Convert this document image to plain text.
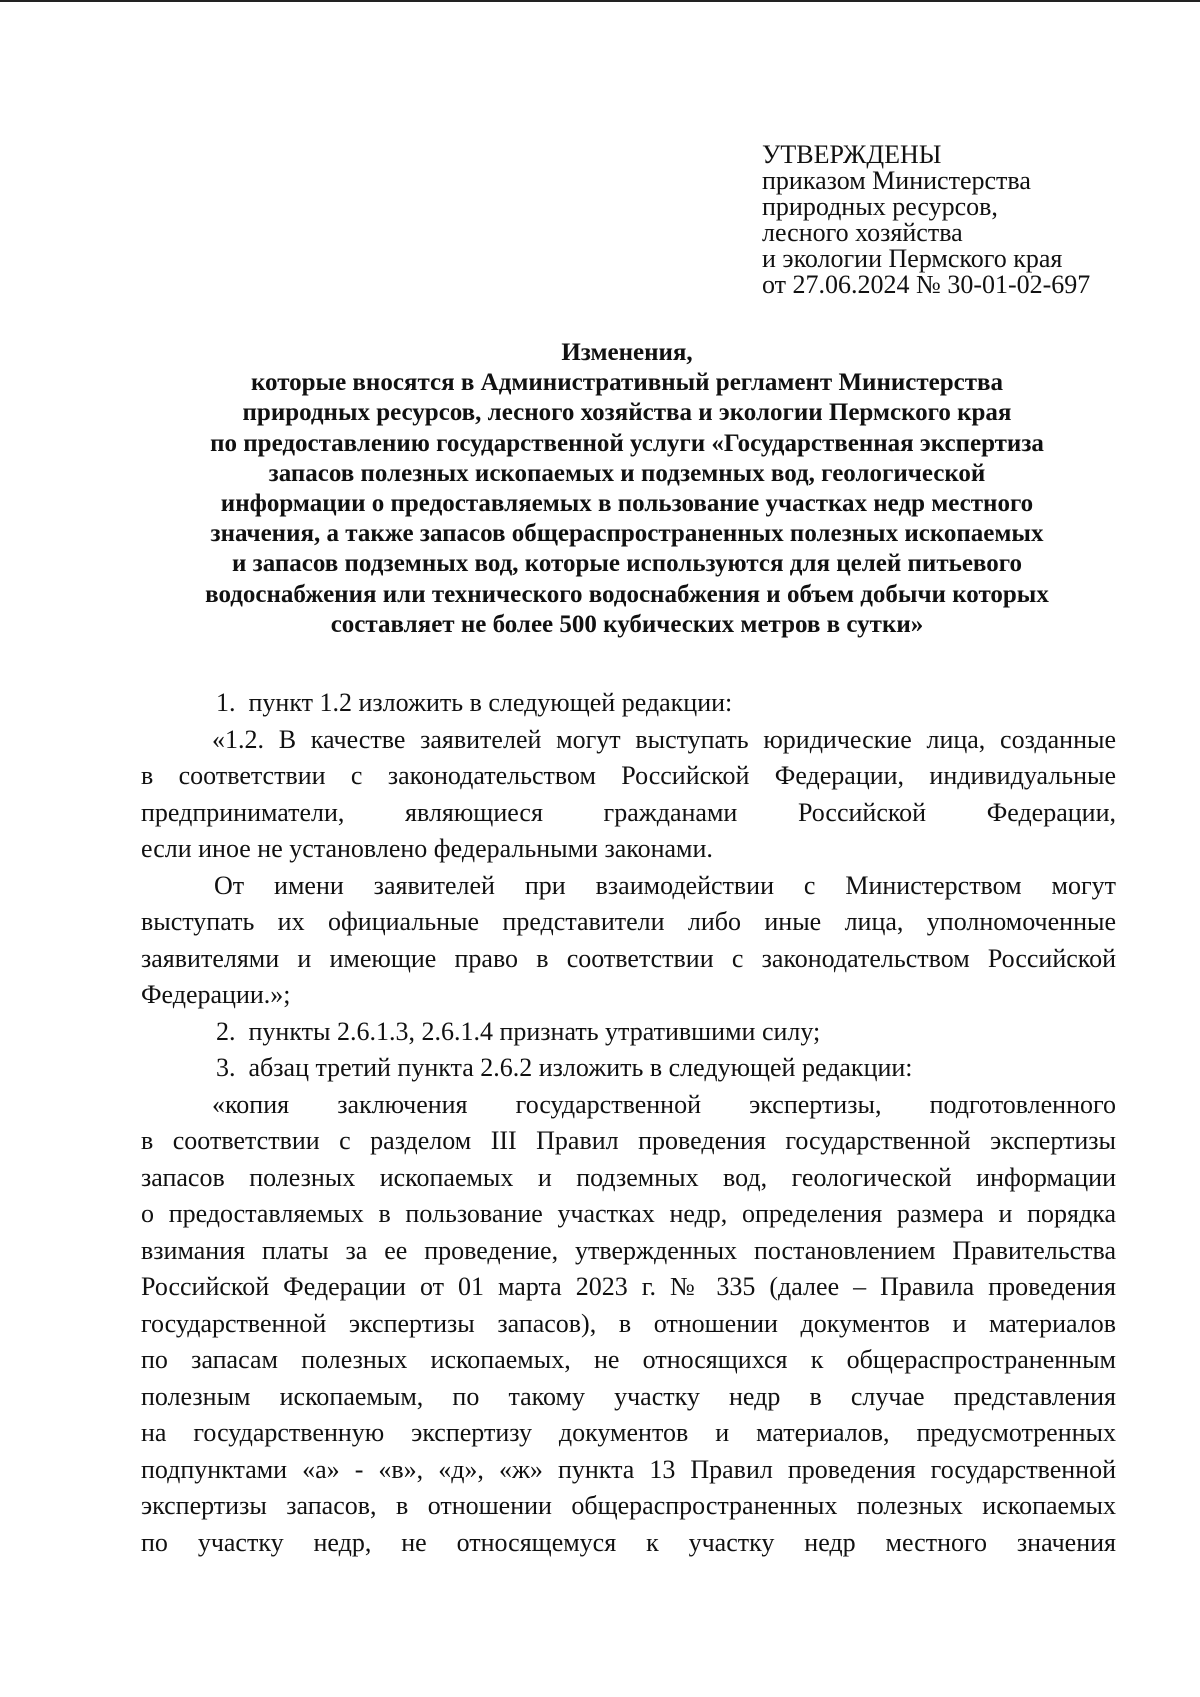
УТВЕРЖДЕНЫ
приказом Министерства
природных ресурсов,
лесного хозяйства
и экологии Пермского края
от 27.06.2024 № 30-01-02-697
Изменения,
которые вносятся в Административный регламент Министерства
природных ресурсов, лесного хозяйства и экологии Пермского края
по предоставлению государственной услуги «Государственная экспертиза
запасов полезных ископаемых и подземных вод, геологической
информации о предоставляемых в пользование участках недр местного
значения, а также запасов общераспространенных полезных ископаемых
и запасов подземных вод, которые используются для целей питьевого
водоснабжения или технического водоснабжения и объем добычи которых
составляет не более 500 кубических метров в сутки»
1.  пункт 1.2 изложить в следующей редакции:
«1.2. В качестве заявителей могут выступать юридические лица, созданные
в соответствии с законодательством Российской Федерации, индивидуальные
предприниматели, являющиеся гражданами Российской Федерации,
если иное не установлено федеральными законами.
От имени заявителей при взаимодействии с Министерством могут
выступать их официальные представители либо иные лица, уполномоченные
заявителями и имеющие право в соответствии с законодательством Российской
Федерации.»;
2.  пункты 2.6.1.3, 2.6.1.4 признать утратившими силу;
3.  абзац третий пункта 2.6.2 изложить в следующей редакции:
«копия заключения государственной экспертизы, подготовленного
в соответствии с разделом III Правил проведения государственной экспертизы
запасов полезных ископаемых и подземных вод, геологической информации
о предоставляемых в пользование участках недр, определения размера и порядка
взимания платы за ее проведение, утвержденных постановлением Правительства
Российской Федерации от 01 марта 2023 г. № 335 (далее – Правила проведения
государственной экспертизы запасов), в отношении документов и материалов
по запасам полезных ископаемых, не относящихся к общераспространенным
полезным ископаемым, по такому участку недр в случае представления
на государственную экспертизу документов и материалов, предусмотренных
подпунктами «а» - «в», «д», «ж» пункта 13 Правил проведения государственной
экспертизы запасов, в отношении общераспространенных полезных ископаемых
по участку недр, не относящемуся к участку недр местного значения
